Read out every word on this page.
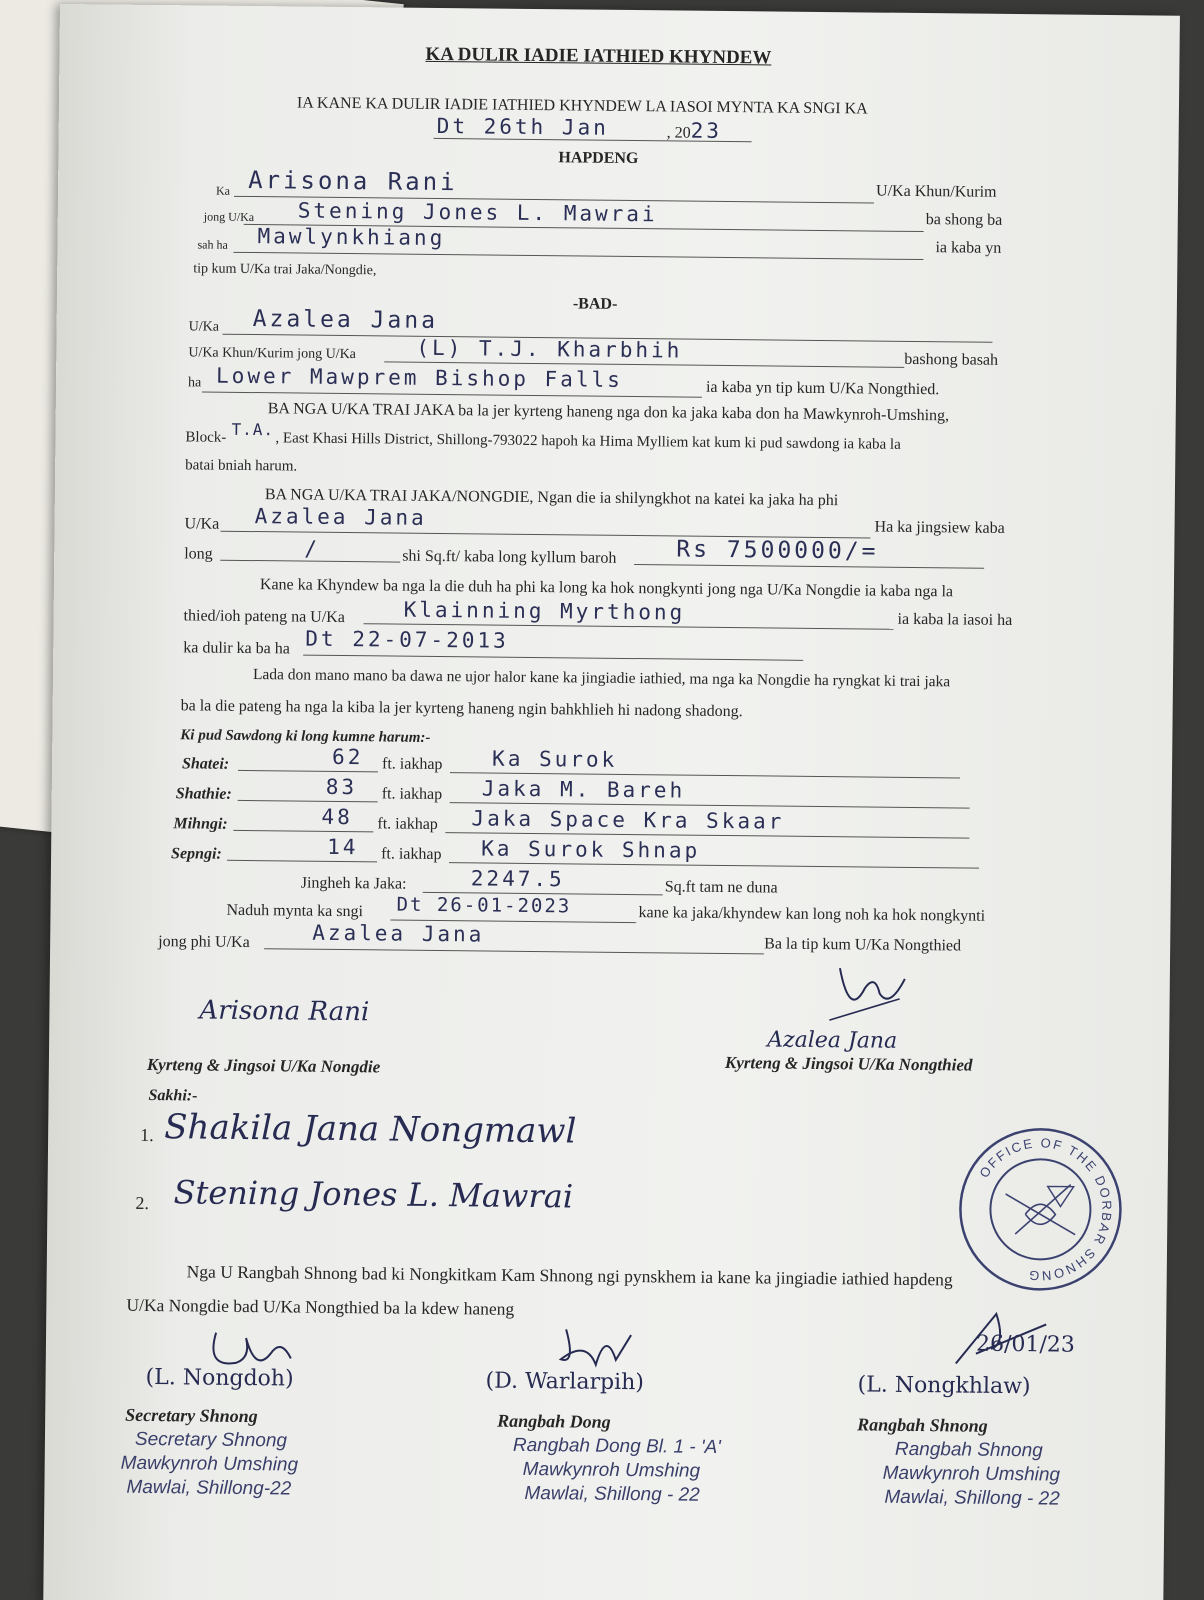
KA DULIR IADIE IATHIED KHYNDEW
IA KANE KA DULIR IADIE IATHIED KHYNDEW LA IASOI MYNTA KA SNGI KA
Dt 26th Jan	, 20 23
HAPDENG
Ka Arisona Rani	U/Ka Khun/Kurim
jong U/Ka Stening Jones L. Mawrai	ba shong ba
sah ha Mawlynkhiang	ia kaba yn
tip kum U/Ka trai Jaka/Nongdie,
-BAD-
U/Ka Azalea Jana
U/Ka Khun/Kurim jong U/Ka	(L) T.J. Kharbhih	bashong basah
ha Lower Mawprem Bishop Falls	ia kaba yn tip kum U/Ka Nongthied.
BA NGA U/KA TRAI JAKA ba la jer kyrteng haneng nga don ka jaka kaba don ha Mawkynroh-Umshing,
Block- T.A.
, East Khasi Hills District, Shillong-793022 hapoh ka Hima Mylliem kat kum ki pud sawdong ia kaba la
batai bniah harum.
BA NGA U/KA TRAI JAKA/NONGDIE, Ngan die ia shilyngkhot na katei ka jaka ha phi
U/Ka Azalea Jana	Ha ka jingsiew kaba
long	/	shi Sq.ft/ kaba long kyllum baroh	Rs 7500000/=
Kane ka Khyndew ba nga la die duh ha phi ka long ka hok nongkynti jong nga U/Ka Nongdie ia kaba nga la
thied/ioh pateng na U/Ka	Klainning Myrthong	ia kaba la iasoi ha
ka dulir ka ba ha Dt 22-07-2013
Lada don mano mano ba dawa ne ujor halor kane ka jingiadie iathied, ma nga ka Nongdie ha ryngkat ki trai jaka
ba la die pateng ha nga la kiba la jer kyrteng haneng ngin bahkhlieh hi nadong shadong.
Ki pud Sawdong ki long kumne harum:-
Shatei:	62 ft. iakhap Ka Surok
Shathie:	83 ft. iakhap Jaka M. Bareh
Mihngi:	48 ft. iakhap Jaka Space Kra Skaar
Sepngi:	14 ft. iakhap Ka Surok Shnap
Jingheh ka Jaka:	2247.5	Sq.ft tam ne duna
Naduh mynta ka sngi Dt 26-01-2023	kane ka jaka/khyndew kan long noh ka hok nongkynti
jong phi U/Ka	Azalea Jana	Ba la tip kum U/Ka Nongthied
Arisona Rani
Azalea Jana
Kyrteng & Jingsoi U/Ka Nongdie	Kyrteng & Jingsoi U/Ka Nongthied
Sakhi:-
1. Shakila Jana Nongmawl
2. Stening Jones L. Mawrai
OFFICE OF THE DORBAR SHNONG
Nga U Rangbah Shnong bad ki Nongkitkam Kam Shnong ngi pynskhem ia kane ka jingiadie iathied hapdeng
U/Ka Nongdie bad U/Ka Nongthied ba la kdew haneng
(L. Nongdoh)
Secretary Shnong
Secretary Shnong
Mawkynroh Umshing
Mawlai, Shillong-22
(D. Warlarpih)
Rangbah Dong
Rangbah Dong Bl. 1 - 'A'
Mawkynroh Umshing
Mawlai, Shillong - 22
26/01/23
(L. Nongkhlaw)
Rangbah Shnong
Rangbah Shnong
Mawkynroh Umshing
Mawlai, Shillong - 22
